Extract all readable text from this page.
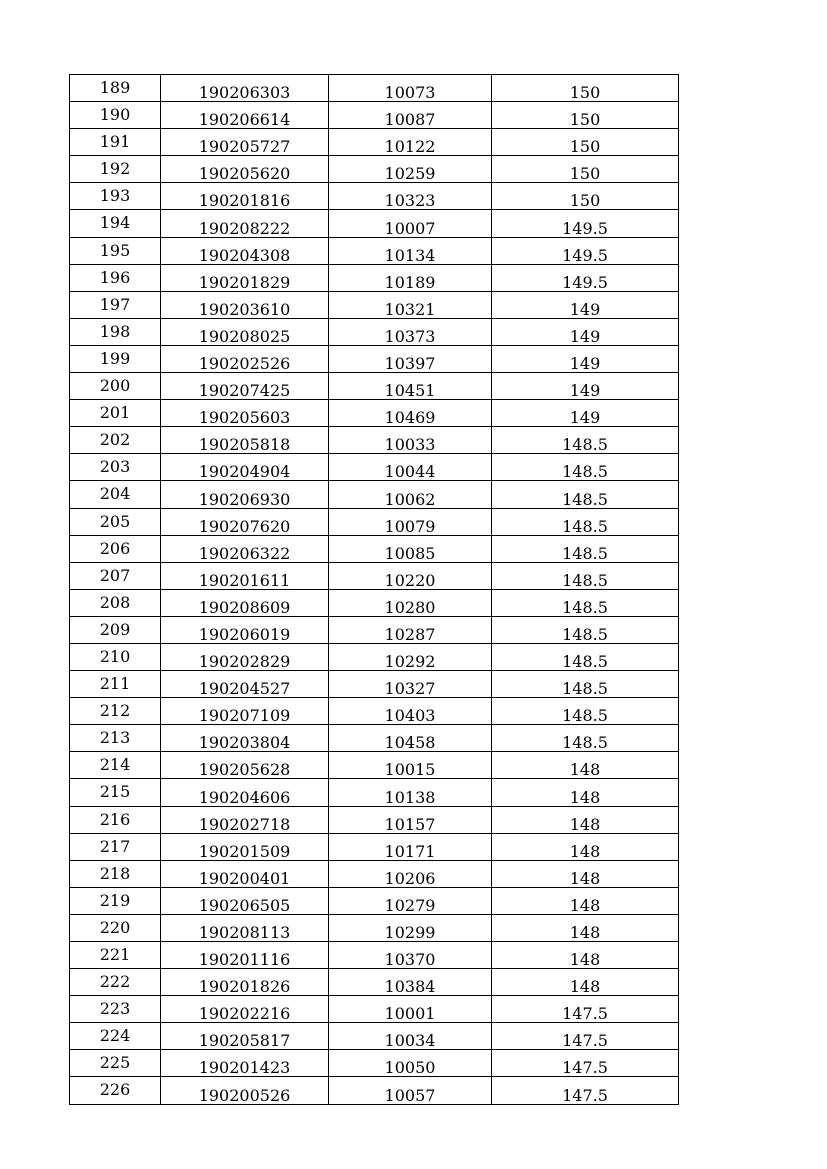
189	190206303	10073	150
190	190206614	10087	150
191	190205727	10122	150
192	190205620	10259	150
193	190201816	10323	150
194	190208222	10007	149.5
195	190204308	10134	149.5
196	190201829	10189	149.5
197	190203610	10321	149
198	190208025	10373	149
199	190202526	10397	149
200	190207425	10451	149
201	190205603	10469	149
202	190205818	10033	148.5
203	190204904	10044	148.5
204	190206930	10062	148.5
205	190207620	10079	148.5
206	190206322	10085	148.5
207	190201611	10220	148.5
208	190208609	10280	148.5
209	190206019	10287	148.5
210	190202829	10292	148.5
211	190204527	10327	148.5
212	190207109	10403	148.5
213	190203804	10458	148.5
214	190205628	10015	148
215	190204606	10138	148
216	190202718	10157	148
217	190201509	10171	148
218	190200401	10206	148
219	190206505	10279	148
220	190208113	10299	148
221	190201116	10370	148
222	190201826	10384	148
223	190202216	10001	147.5
224	190205817	10034	147.5
225	190201423	10050	147.5
226	190200526	10057	147.5
